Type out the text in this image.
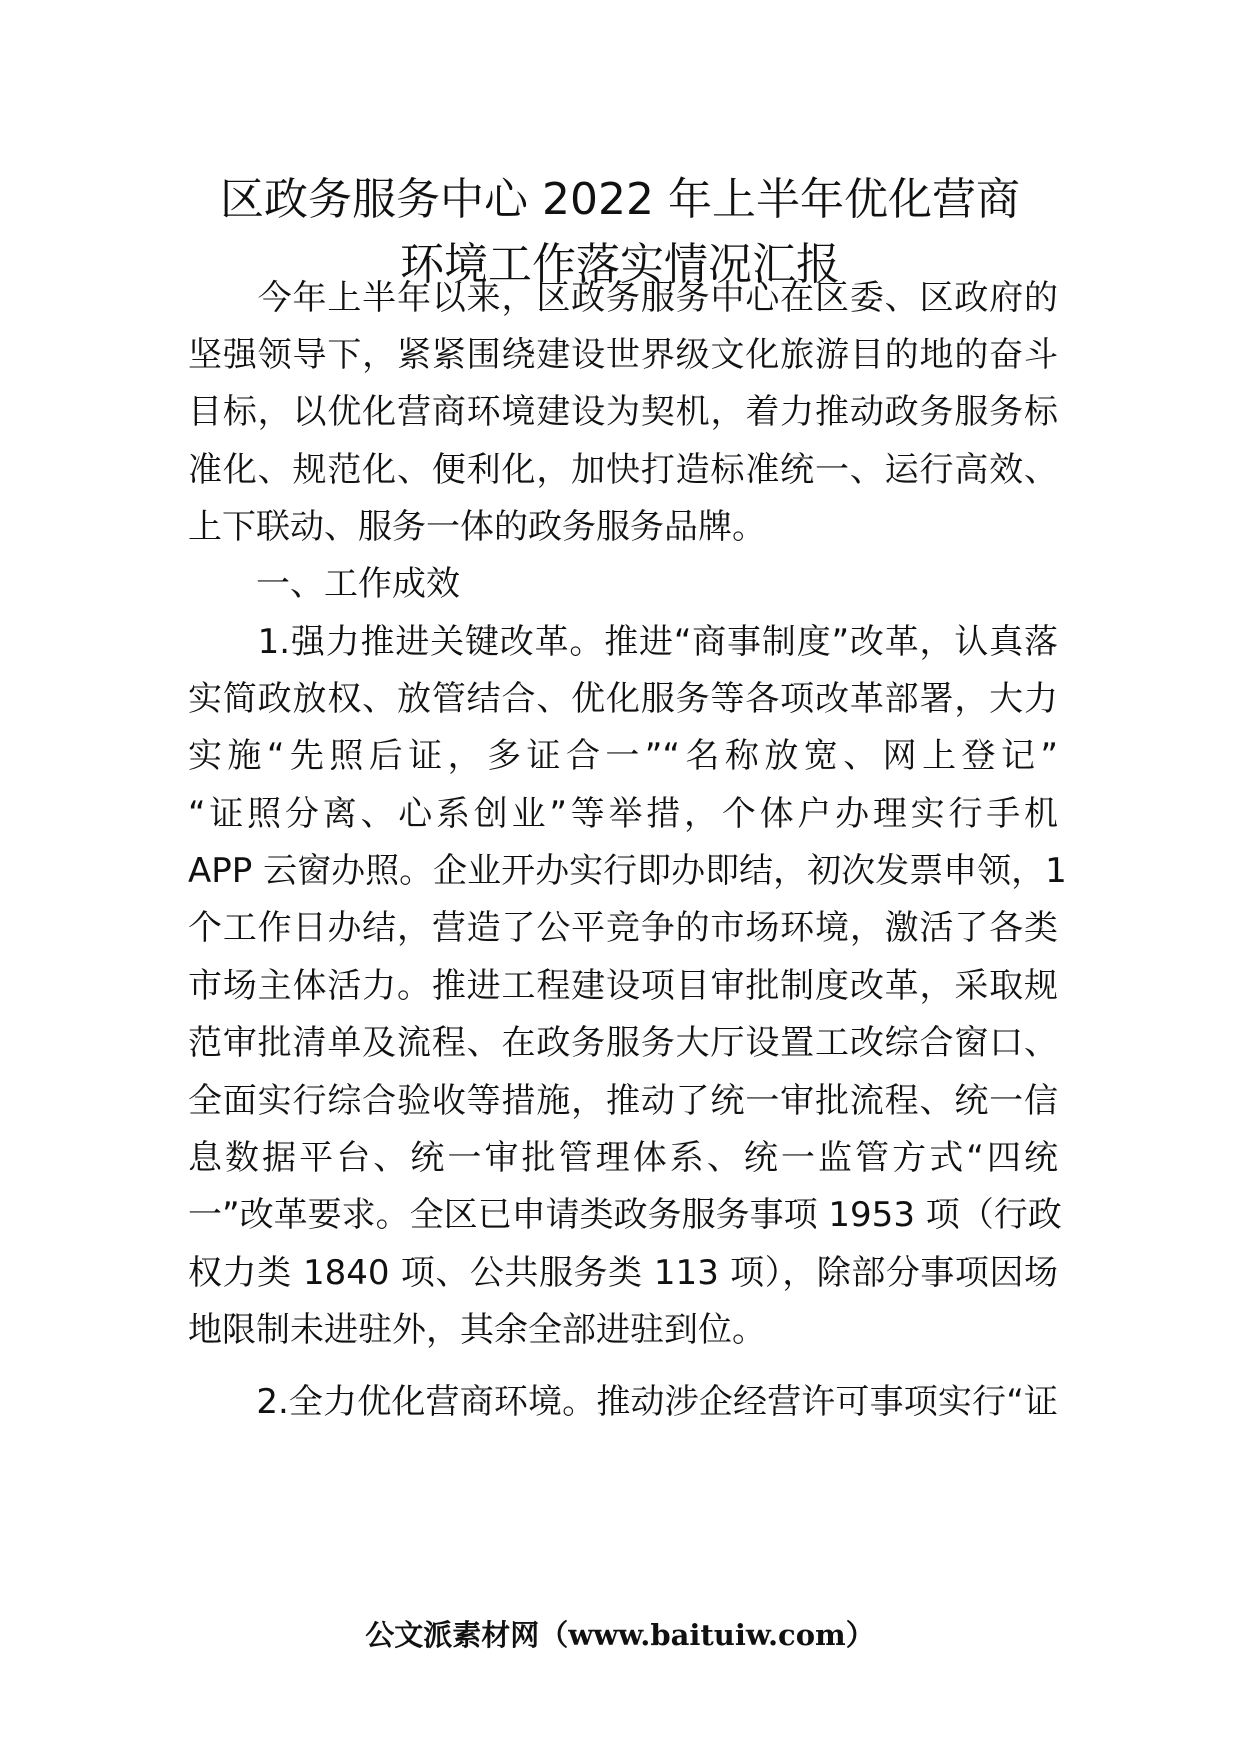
区政务服务中心 2022 年上半年优化营商
环境工作落实情况汇报
　　今年上半年以来，区政务服务中心在区委、区政府的
坚强领导下，紧紧围绕建设世界级文化旅游目的地的奋斗
目标，以优化营商环境建设为契机，着力推动政务服务标
准化、规范化、便利化，加快打造标准统一、运行高效、
上下联动、服务一体的政务服务品牌。
　　一、工作成效
　　1.强力推进关键改革。推进“商事制度”改革，认真落
实简政放权、放管结合、优化服务等各项改革部署，大力
实施“先照后证，多证合一”“名称放宽、网上登记”
“证照分离、心系创业”等举措，个体户办理实行手机
APP 云窗办照。企业开办实行即办即结，初次发票申领，1
个工作日办结，营造了公平竞争的市场环境，激活了各类
市场主体活力。推进工程建设项目审批制度改革，采取规
范审批清单及流程、在政务服务大厅设置工改综合窗口、
全面实行综合验收等措施，推动了统一审批流程、统一信
息数据平台、统一审批管理体系、统一监管方式“四统
一”改革要求。全区已申请类政务服务事项 1953 项（行政
权力类 1840 项、公共服务类 113 项），除部分事项因场
地限制未进驻外，其余全部进驻到位。
　　2.全力优化营商环境。推动涉企经营许可事项实行“证
公文派素材网（www.baituiw.com）
